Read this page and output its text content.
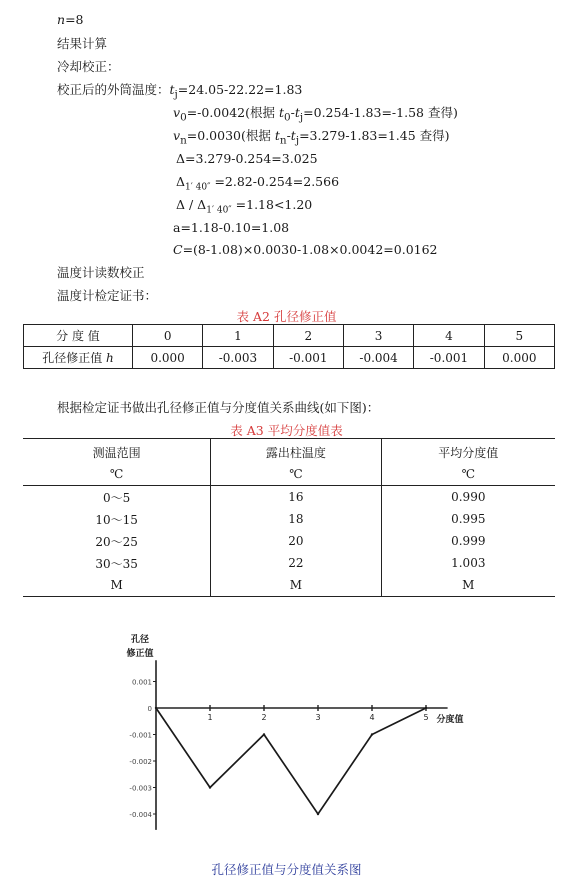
n=8
结果计算
冷却校正：
校正后的外筒温度：$t_j=24.05-22.22=1.83$
$v_0=-0.0042$(根据 $t_0-t_j=0.254-1.83=-1.58$ 查得)
$v_n=0.0030$(根据 $t_n-t_j=3.279-1.83=1.45$ 查得)
Δ=3.279-0.254=3.025
$\Delta_{1' 40''} =2.82-0.254=2.566$
$\Delta / \Delta_{1' 40''} =1.18<1.20$
a=1.18-0.10=1.08
C=(8-1.08)×0.0030-1.08×0.0042=0.0162
温度计读数校正
温度计检定证书：
表 A2 孔径修正值
分 度 值	0	1	2	3	4	5
孔径修正值 h	0.000	-0.003	-0.001	-0.004	-0.001	0.000
根据检定证书做出孔径修正值与分度值关系曲线(如下图)：
表 A3 平均分度值表
测温范围	露出柱温度	平均分度值
℃	℃	℃
0～5	16	0.990
10～15	18	0.995
20～25	20	0.999
30～35	22	1.003
M	M	M
1	2	3	4	5
0.001
0
-0.001
-0.002
-0.003
-0.004
孔径
修正值
分度值
孔径修正值与分度值关系图
